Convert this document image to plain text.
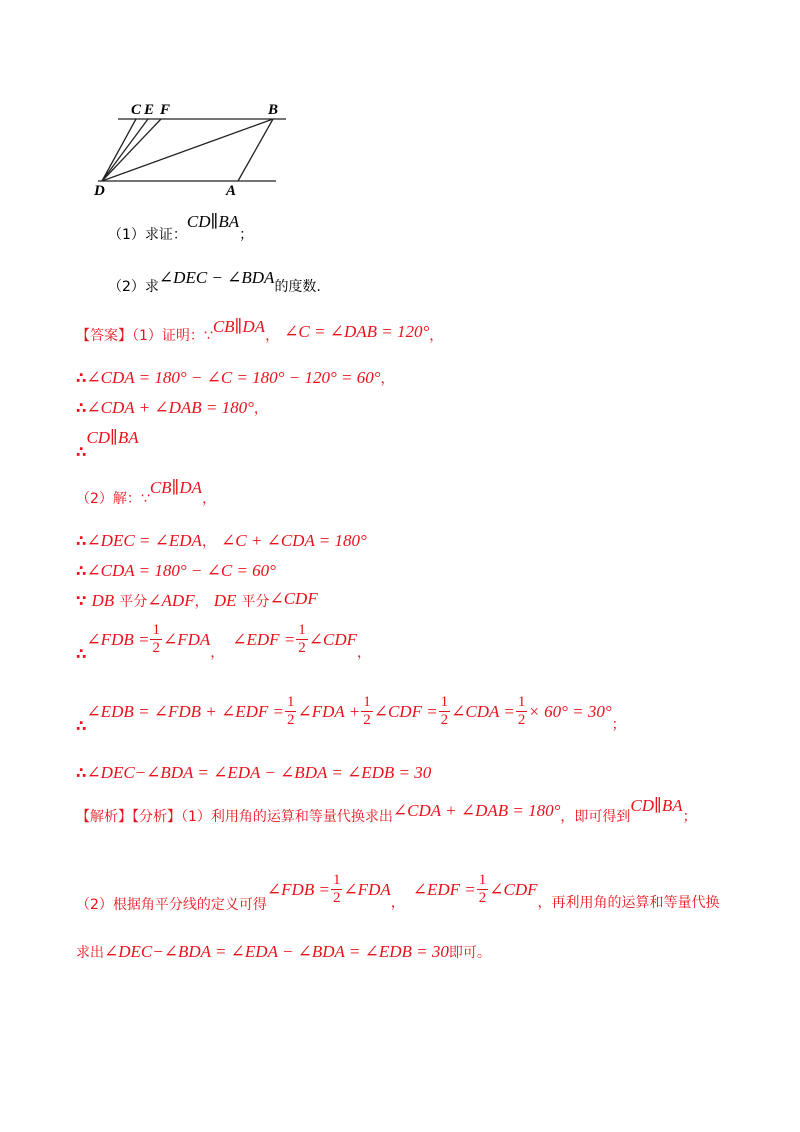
C E F	B
D	A
（1）求证：CD∥BA；
（2）求∠DEC − ∠BDA的度数.
【答案】（1）证明：∵CB∥DA， ∠C = ∠DAB = 120°，
∴∠CDA = 180° − ∠C = 180° − 120° = 60°，
∴∠CDA + ∠DAB = 180°，
∴CD∥BA
（2）解：∵CB∥DA，
∴∠DEC = ∠EDA， ∠C + ∠CDA = 180°
∴∠CDA = 180° − ∠C = 60°
∵ DB 平分∠ADF， DE 平分∠CDF
∴
∠FDB = $\frac{1}{2}$ ∠FDA
，
∠EDF = $\frac{1}{2}$ ∠CDF
，
∴
∠EDB = ∠FDB + ∠EDF = $\frac{1}{2}$ ∠FDA + $\frac{1}{2}$ ∠CDF = $\frac{1}{2}$ ∠CDA = $\frac{1}{2} \times 60^\circ = 30^\circ$
；
∴∠DEC−∠BDA = ∠EDA − ∠BDA = ∠EDB = 30
【解析】【分析】（1）利用角的运算和等量代换求出∠CDA + ∠DAB = 180°，即可得到CD∥BA；
（2）根据角平分线的定义可得
∠FDB = $\frac{1}{2}$ ∠FDA
，
∠EDF = $\frac{1}{2}$ ∠CDF
，再利用角的运算和等量代换
求出∠DEC−∠BDA = ∠EDA − ∠BDA = ∠EDB = 30即可。
